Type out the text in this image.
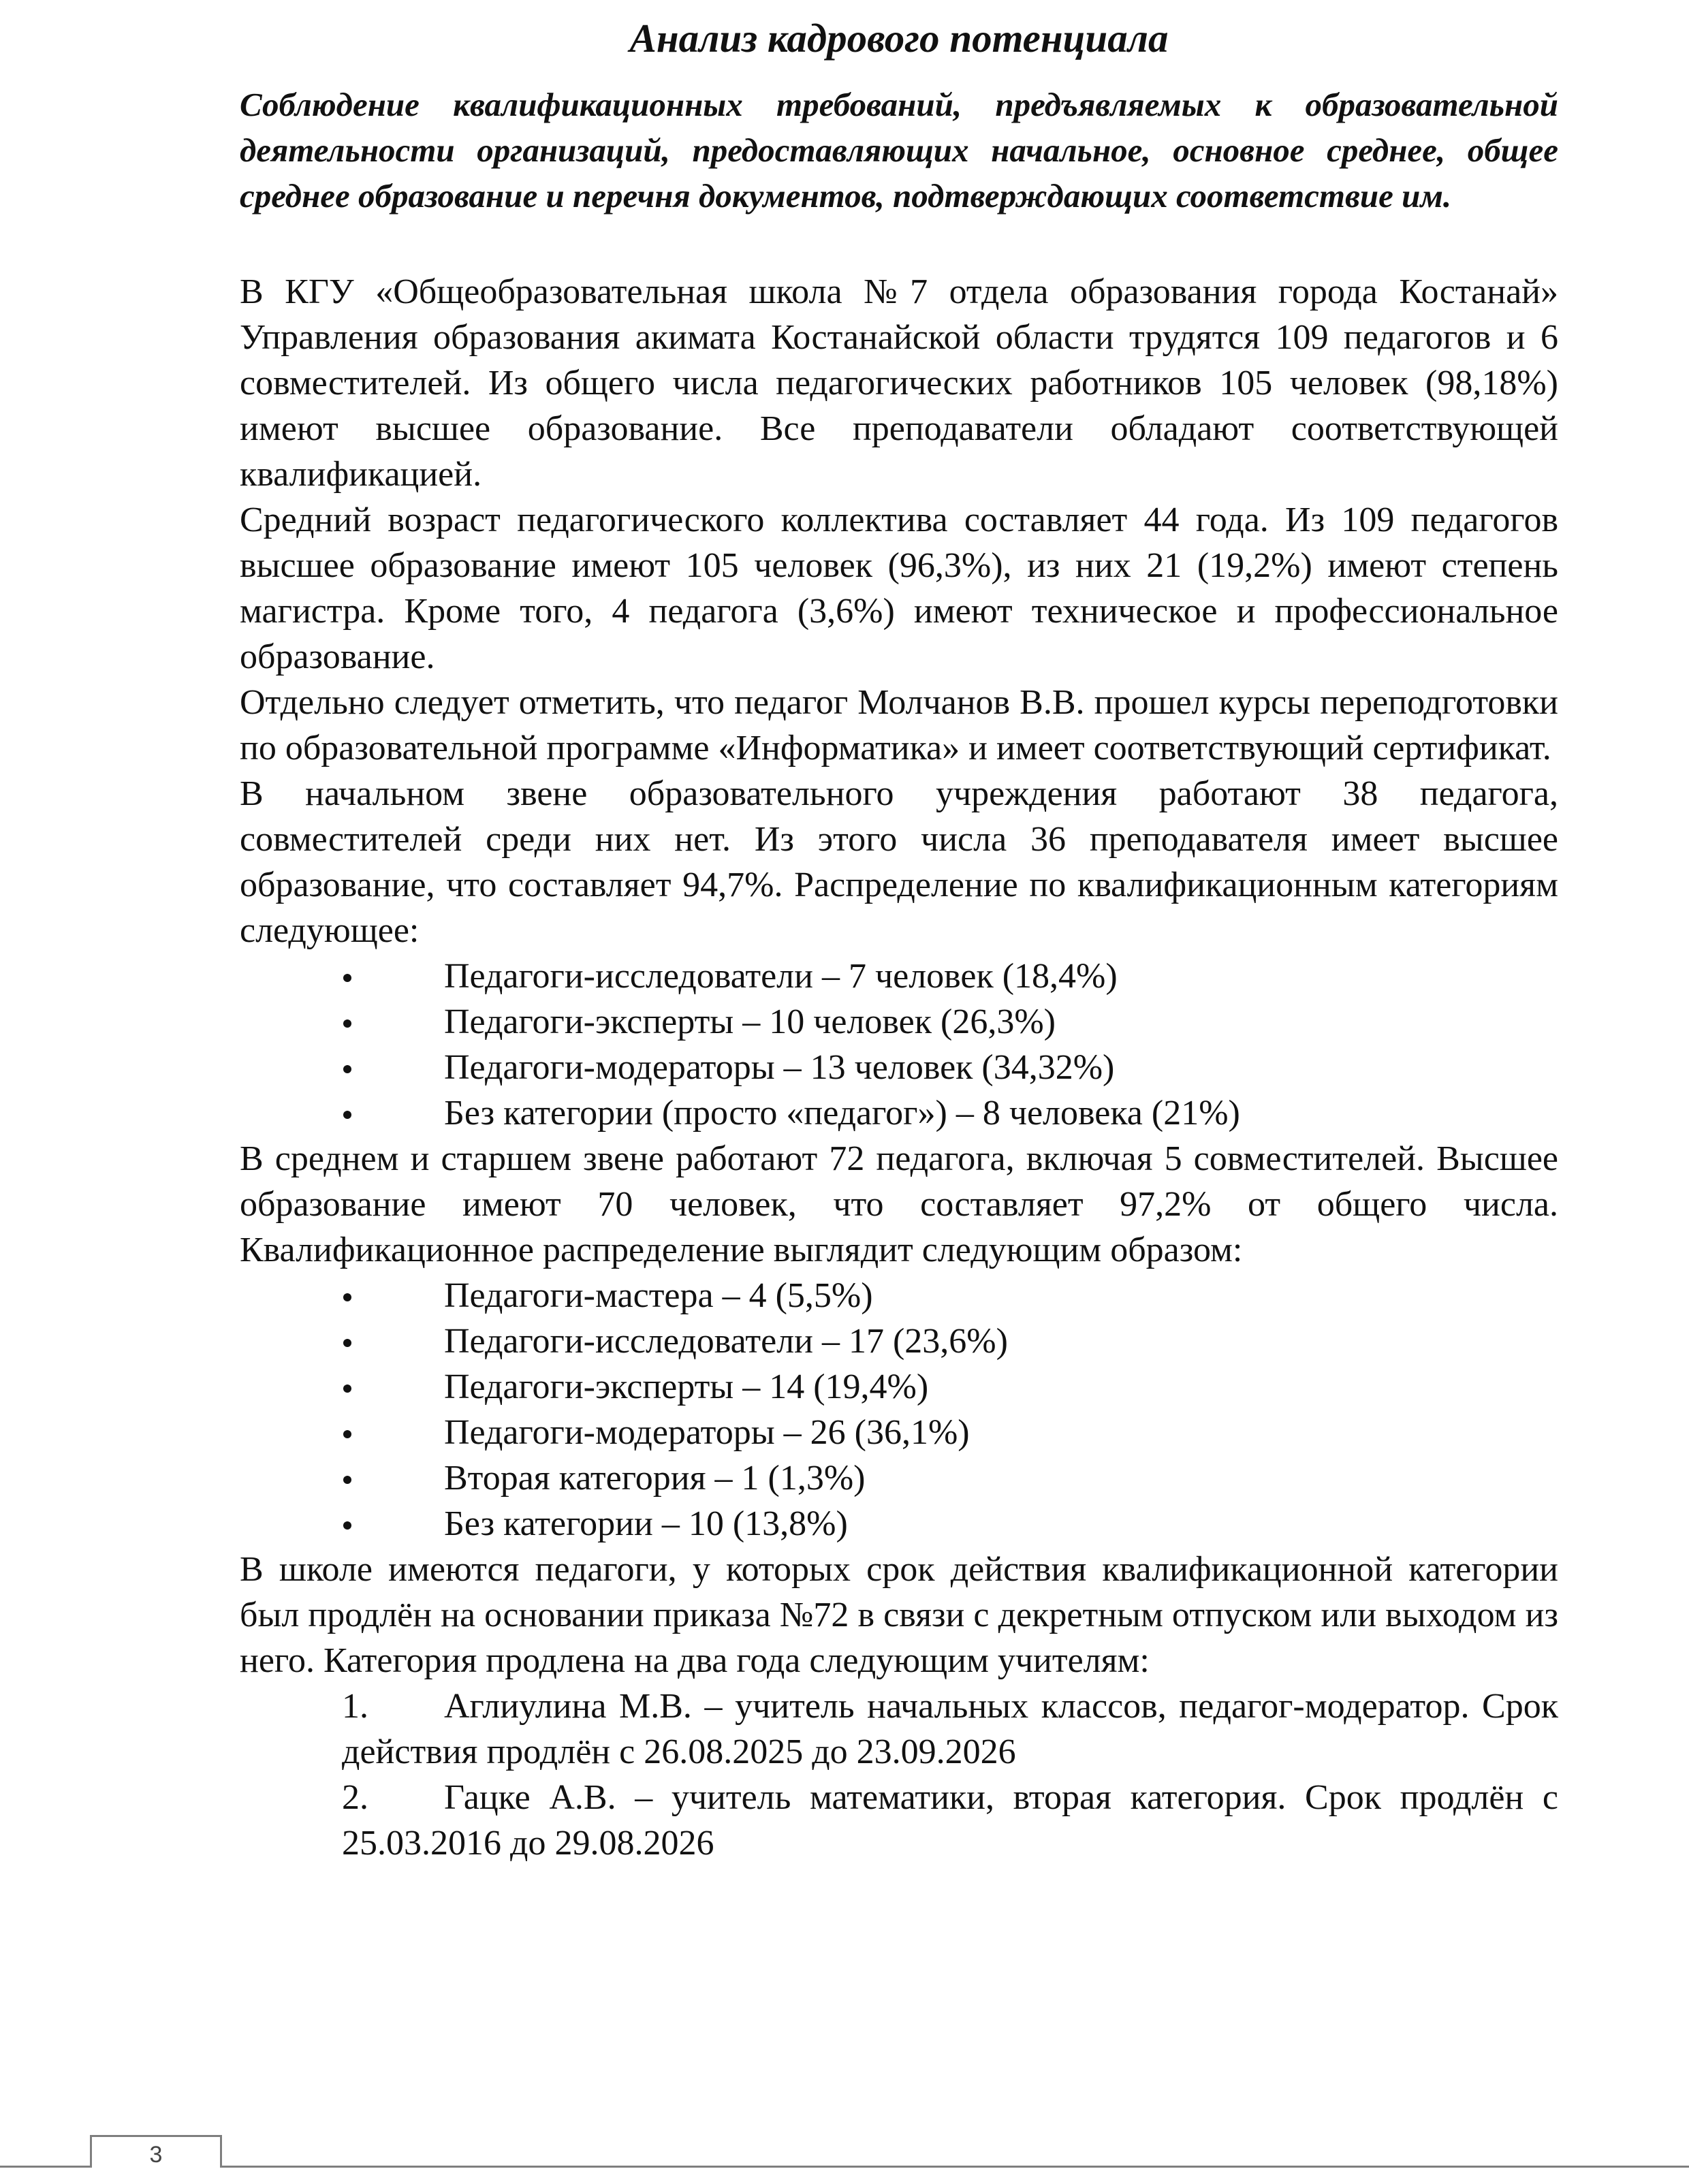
Анализ кадрового потенциала

Соблюдение квалификационных требований, предъявляемых к образовательной деятельности организаций, предоставляющих начальное, основное среднее, общее среднее образование и перечня документов, подтверждающих соответствие им.

В КГУ «Общеобразовательная школа №7 отдела образования города Костанай» Управления образования акимата Костанайской области трудятся 109 педагогов и 6 совместителей. Из общего числа педагогических работников 105 человек (98,18%) имеют высшее образование. Все преподаватели обладают соответствующей квалификацией.

Средний возраст педагогического коллектива составляет 44 года. Из 109 педагогов высшее образование имеют 105 человек (96,3%), из них 21 (19,2%) имеют степень магистра. Кроме того, 4 педагога (3,6%) имеют техническое и профессиональное образование.

Отдельно следует отметить, что педагог Молчанов В.В. прошел курсы переподготовки по образовательной программе «Информатика» и имеет соответствующий сертификат.

В начальном звене образовательного учреждения работают 38 педагога, совместителей среди них нет. Из этого числа 36 преподавателя имеет высшее образование, что составляет 94,7%. Распределение по квалификационным категориям следующее:

Педагоги-исследователи – 7 человек (18,4%)
Педагоги-эксперты – 10 человек (26,3%)
Педагоги-модераторы – 13 человек (34,32%)
Без категории (просто «педагог») – 8 человека (21%)

В среднем и старшем звене работают 72 педагога, включая 5 совместителей. Высшее образование имеют 70 человек, что составляет 97,2% от общего числа. Квалификационное распределение выглядит следующим образом:

Педагоги-мастера – 4 (5,5%)
Педагоги-исследователи – 17 (23,6%)
Педагоги-эксперты – 14 (19,4%)
Педагоги-модераторы – 26 (36,1%)
Вторая категория – 1 (1,3%)
Без категории – 10 (13,8%)

В школе имеются педагоги, у которых срок действия квалификационной категории был продлён на основании приказа №72 в связи с декретным отпуском или выходом из него. Категория продлена на два года следующим учителям:

1. Аглиулина М.В. – учитель начальных классов, педагог-модератор. Срок действия продлён с 26.08.2025 до 23.09.2026
2. Гацке А.В. – учитель математики, вторая категория. Срок продлён с 25.03.2016 до 29.08.2026
3
